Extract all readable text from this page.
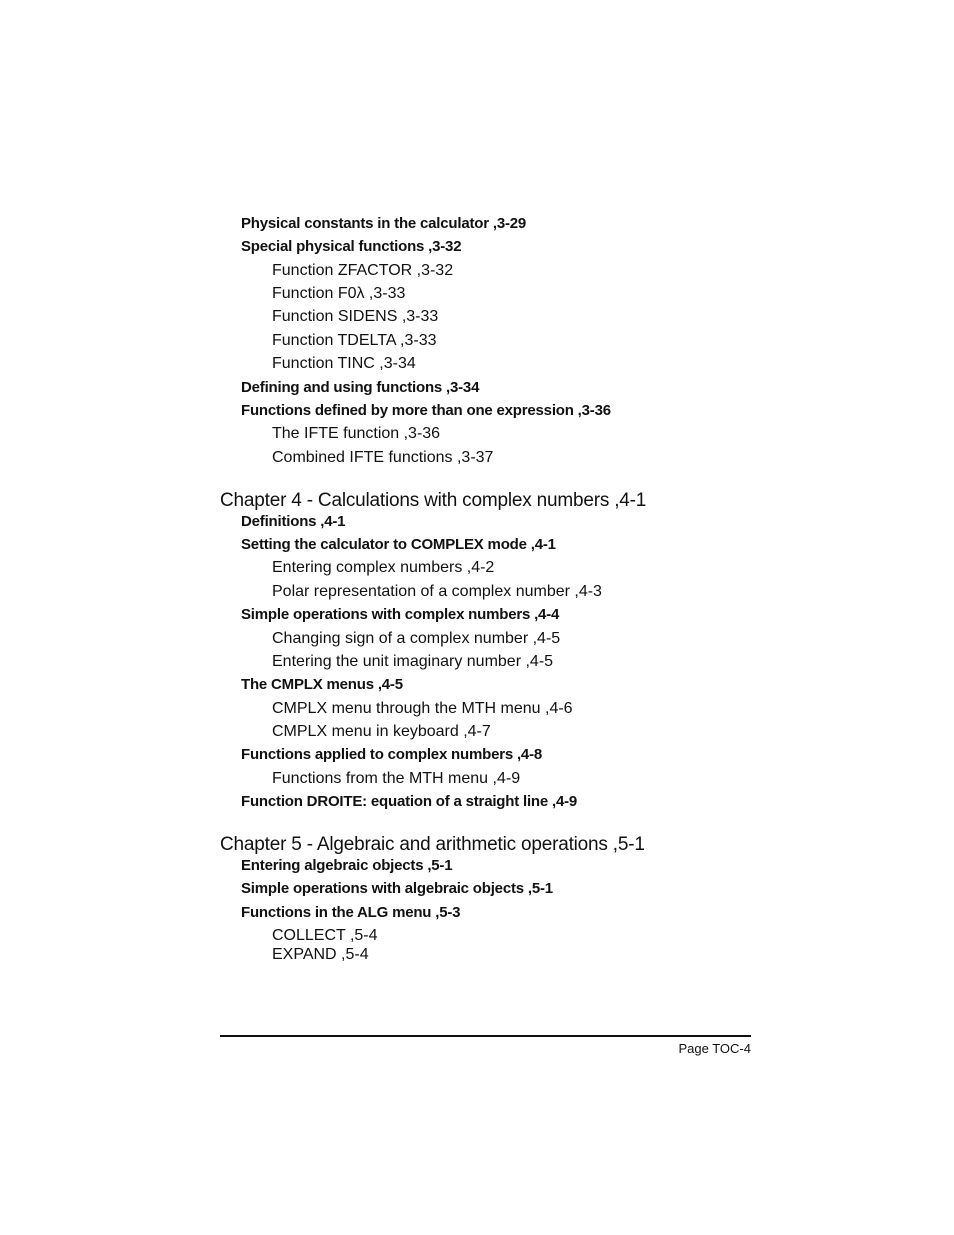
Physical constants in the calculator ,3-29
Special physical functions ,3-32
Function ZFACTOR ,3-32
Function F0λ ,3-33
Function SIDENS ,3-33
Function TDELTA ,3-33
Function TINC ,3-34
Defining and using functions ,3-34
Functions defined by more than one expression ,3-36
The IFTE function ,3-36
Combined IFTE functions ,3-37
Chapter 4 - Calculations with complex numbers ,4-1
Definitions ,4-1
Setting the calculator to COMPLEX mode ,4-1
Entering complex numbers ,4-2
Polar representation of a complex number ,4-3
Simple operations with complex numbers ,4-4
Changing sign of a complex number ,4-5
Entering the unit imaginary number ,4-5
The CMPLX menus ,4-5
CMPLX menu through the MTH menu ,4-6
CMPLX menu in keyboard ,4-7
Functions applied to complex numbers ,4-8
Functions from the MTH menu ,4-9
Function DROITE: equation of a straight line ,4-9
Chapter 5 - Algebraic and arithmetic operations ,5-1
Entering algebraic objects ,5-1
Simple operations with algebraic objects ,5-1
Functions in the ALG menu ,5-3
COLLECT ,5-4
EXPAND ,5-4
Page TOC-4
